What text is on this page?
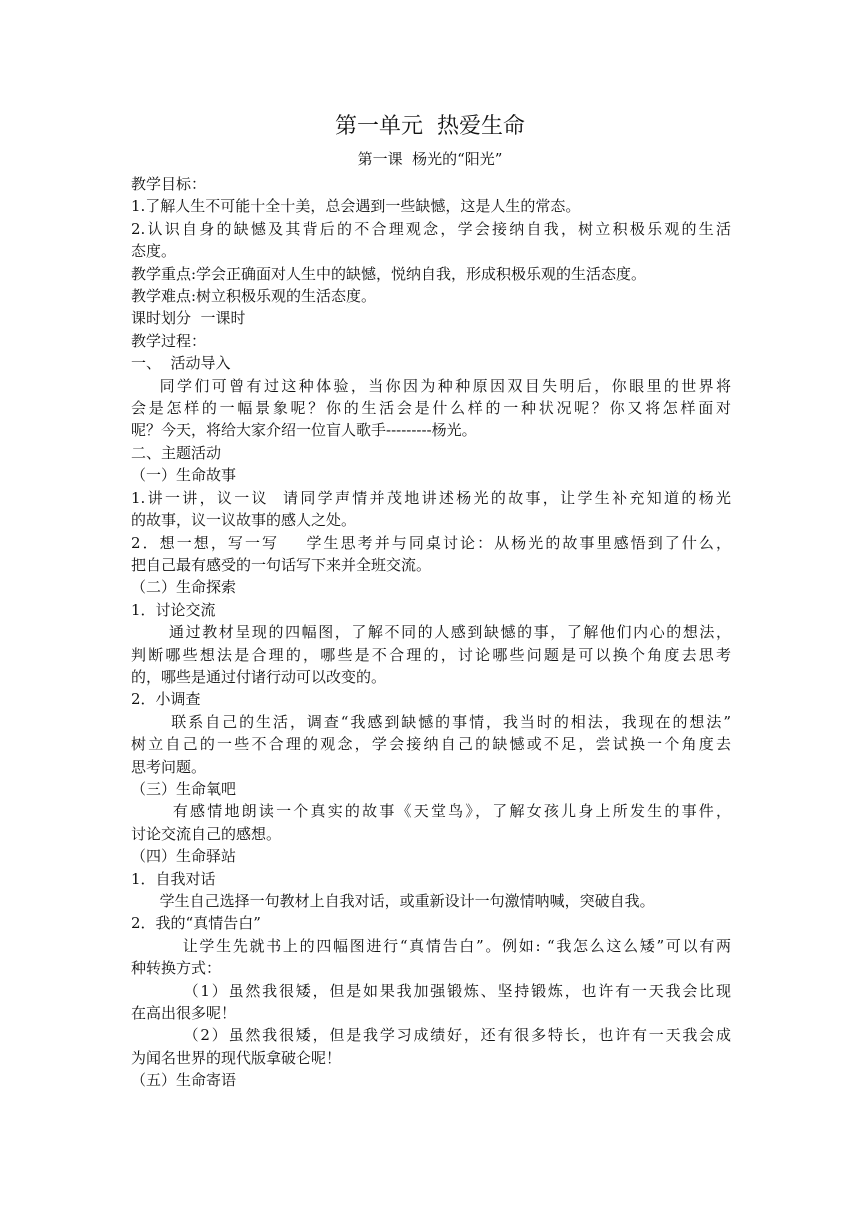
第一单元  热爱生命
第一课  杨光的“阳光”
教学目标：
1.了解人生不可能十全十美，总会遇到一些缺憾，这是人生的常态。
2.认识自身的缺憾及其背后的不合理观念，学会接纳自我，树立积极乐观的生活
态度。
教学重点:学会正确面对人生中的缺憾，悦纳自我，形成积极乐观的生活态度。
教学难点:树立积极乐观的生活态度。
课时划分  一课时
教学过程：
一、  活动导入
同学们可曾有过这种体验，当你因为种种原因双目失明后，你眼里的世界将
会是怎样的一幅景象呢？你的生活会是什么样的一种状况呢？你又将怎样面对
呢？今天，将给大家介绍一位盲人歌手---------杨光。
二、主题活动
（一）生命故事
1.讲一讲，议一议  请同学声情并茂地讲述杨光的故事，让学生补充知道的杨光
的故事，议一议故事的感人之处。
2．想一想，写一写    学生思考并与同桌讨论：从杨光的故事里感悟到了什么，
把自己最有感受的一句话写下来并全班交流。
（二）生命探索
1．讨论交流
通过教材呈现的四幅图，了解不同的人感到缺憾的事，了解他们内心的想法，
判断哪些想法是合理的，哪些是不合理的，讨论哪些问题是可以换个角度去思考
的，哪些是通过付诸行动可以改变的。
2．小调查
联系自己的生活，调查“我感到缺憾的事情，我当时的相法，我现在的想法”
树立自己的一些不合理的观念，学会接纳自己的缺憾或不足，尝试换一个角度去
思考问题。
（三）生命氧吧
有感情地朗读一个真实的故事《天堂鸟》，了解女孩儿身上所发生的事件，
讨论交流自己的感想。
（四）生命驿站
1．自我对话
学生自己选择一句教材上自我对话，或重新设计一句激情呐喊，突破自我。
2．我的“真情告白”
让学生先就书上的四幅图进行“真情告白”。例如: “我怎么这么矮”可以有两
种转换方式：
（1）虽然我很矮，但是如果我加强锻炼、坚持锻炼，也许有一天我会比现
在高出很多呢！
（2）虽然我很矮，但是我学习成绩好，还有很多特长，也许有一天我会成
为闻名世界的现代版拿破仑呢！
（五）生命寄语
